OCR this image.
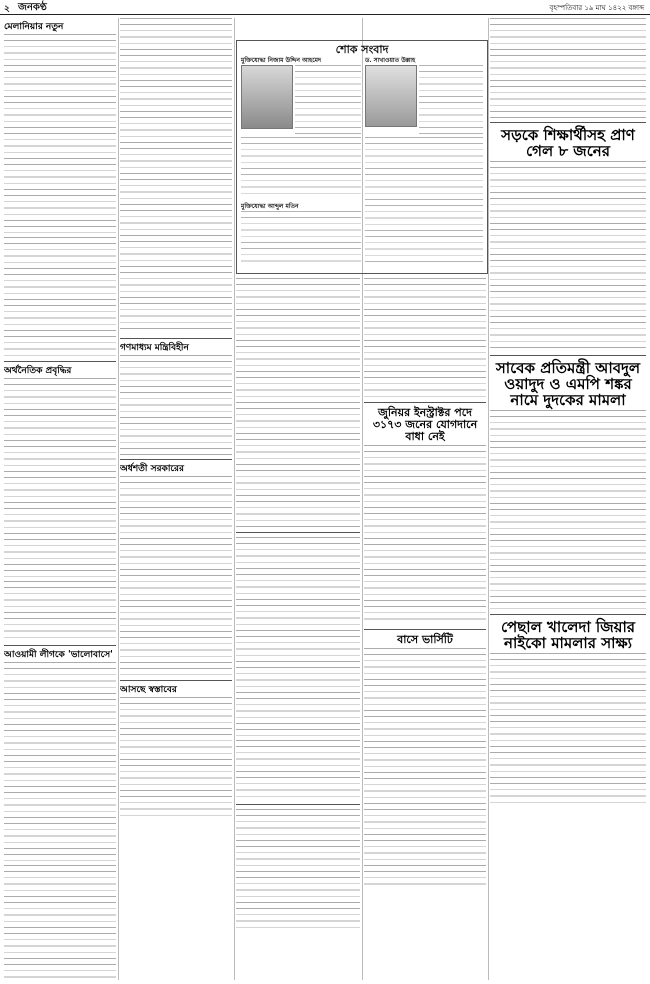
২ জনকণ্ঠ	বৃহস্পতিবার ১৯ মাঘ ১৪২২ বঙ্গাব্দ
মেলানিয়ার নতুন
অর্থনৈতিক প্রবৃদ্ধির
আওয়ামী লীগকে 'ভালোবাসে'
গণমাধ্যম মন্ত্রিবিহীন
অর্ধশতী সরকারের
আসছে স্বস্তাবের
শোক সংবাদ
মুক্তিযোদ্ধা নিজাম উদ্দিন আহমেদ	ড. সাখাওয়াত উল্লাহ
মুক্তিযোদ্ধা আব্দুল মতিন
জুনিয়র ইনস্ট্রাক্টর পদে ৩১৭৩ জনের যোগদানে বাধা নেই
বাসে ভার্সিটি
সড়কে শিক্ষার্থীসহ প্রাণ গেল ৮ জনের
সাবেক প্রতিমন্ত্রী আবদুল ওয়াদুদ ও এমপি শঙ্কর নামে দুদকের মামলা
পেছাল খালেদা জিয়ার নাইকো মামলার সাক্ষ্য
